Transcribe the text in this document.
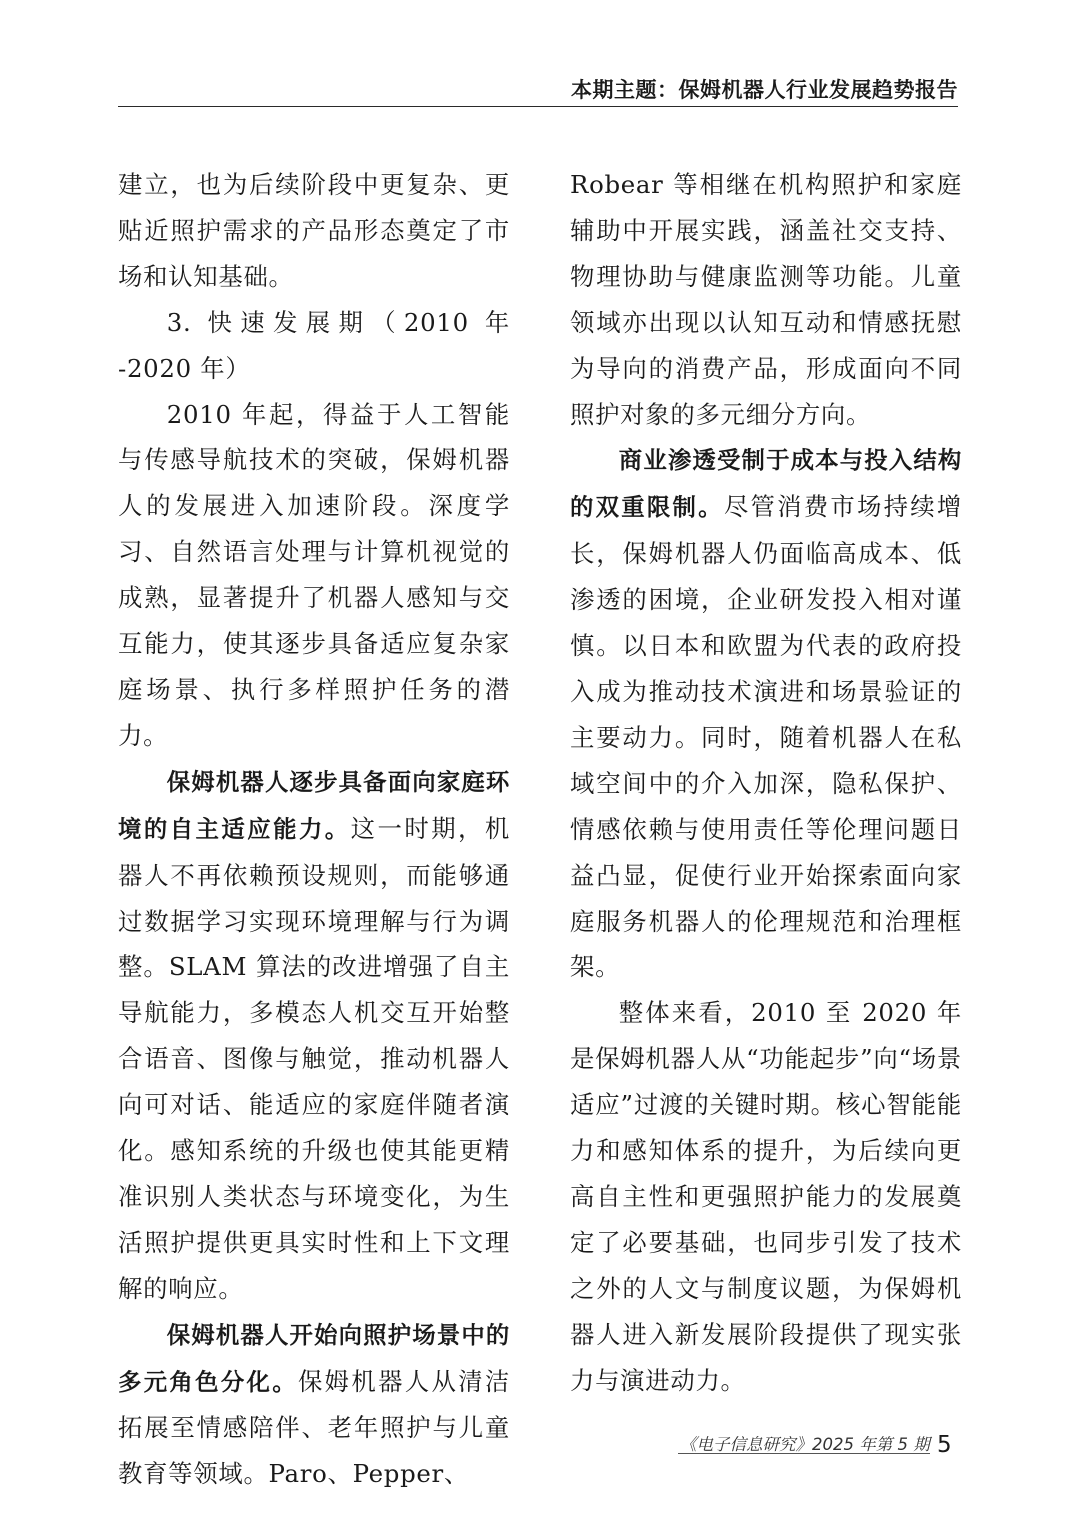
本期主题：保姆机器人行业发展趋势报告

建立，也为后续阶段中更复杂、更贴近照护需求的产品形态奠定了市场和认知基础。

3. 快速发展期（2010 年 -2020 年）

2010 年起，得益于人工智能与传感导航技术的突破，保姆机器人的发展进入加速阶段。深度学习、自然语言处理与计算机视觉的成熟，显著提升了机器人感知与交互能力，使其逐步具备适应复杂家庭场景、执行多样照护任务的潜力。

保姆机器人逐步具备面向家庭环境的自主适应能力。这一时期，机器人不再依赖预设规则，而能够通过数据学习实现环境理解与行为调整。SLAM 算法的改进增强了自主导航能力，多模态人机交互开始整合语音、图像与触觉，推动机器人向可对话、能适应的家庭伴随者演化。感知系统的升级也使其能更精准识别人类状态与环境变化，为生活照护提供更具实时性和上下文理解的响应。

保姆机器人开始向照护场景中的多元角色分化。保姆机器人从清洁拓展至情感陪伴、老年照护与儿童教育等领域。Paro、Pepper、

Robear 等相继在机构照护和家庭辅助中开展实践，涵盖社交支持、物理协助与健康监测等功能。儿童领域亦出现以认知互动和情感抚慰为导向的消费产品，形成面向不同照护对象的多元细分方向。

商业渗透受制于成本与投入结构的双重限制。尽管消费市场持续增长，保姆机器人仍面临高成本、低渗透的困境，企业研发投入相对谨慎。以日本和欧盟为代表的政府投入成为推动技术演进和场景验证的主要动力。同时，随着机器人在私域空间中的介入加深，隐私保护、情感依赖与使用责任等伦理问题日益凸显，促使行业开始探索面向家庭服务机器人的伦理规范和治理框架。

整体来看，2010 至 2020 年是保姆机器人从“功能起步”向“场景适应”过渡的关键时期。核心智能能力和感知体系的提升，为后续向更高自主性和更强照护能力的发展奠定了必要基础，也同步引发了技术之外的人文与制度议题，为保姆机器人进入新发展阶段提供了现实张力与演进动力。

《电子信息研究》2025 年第 5 期 5
